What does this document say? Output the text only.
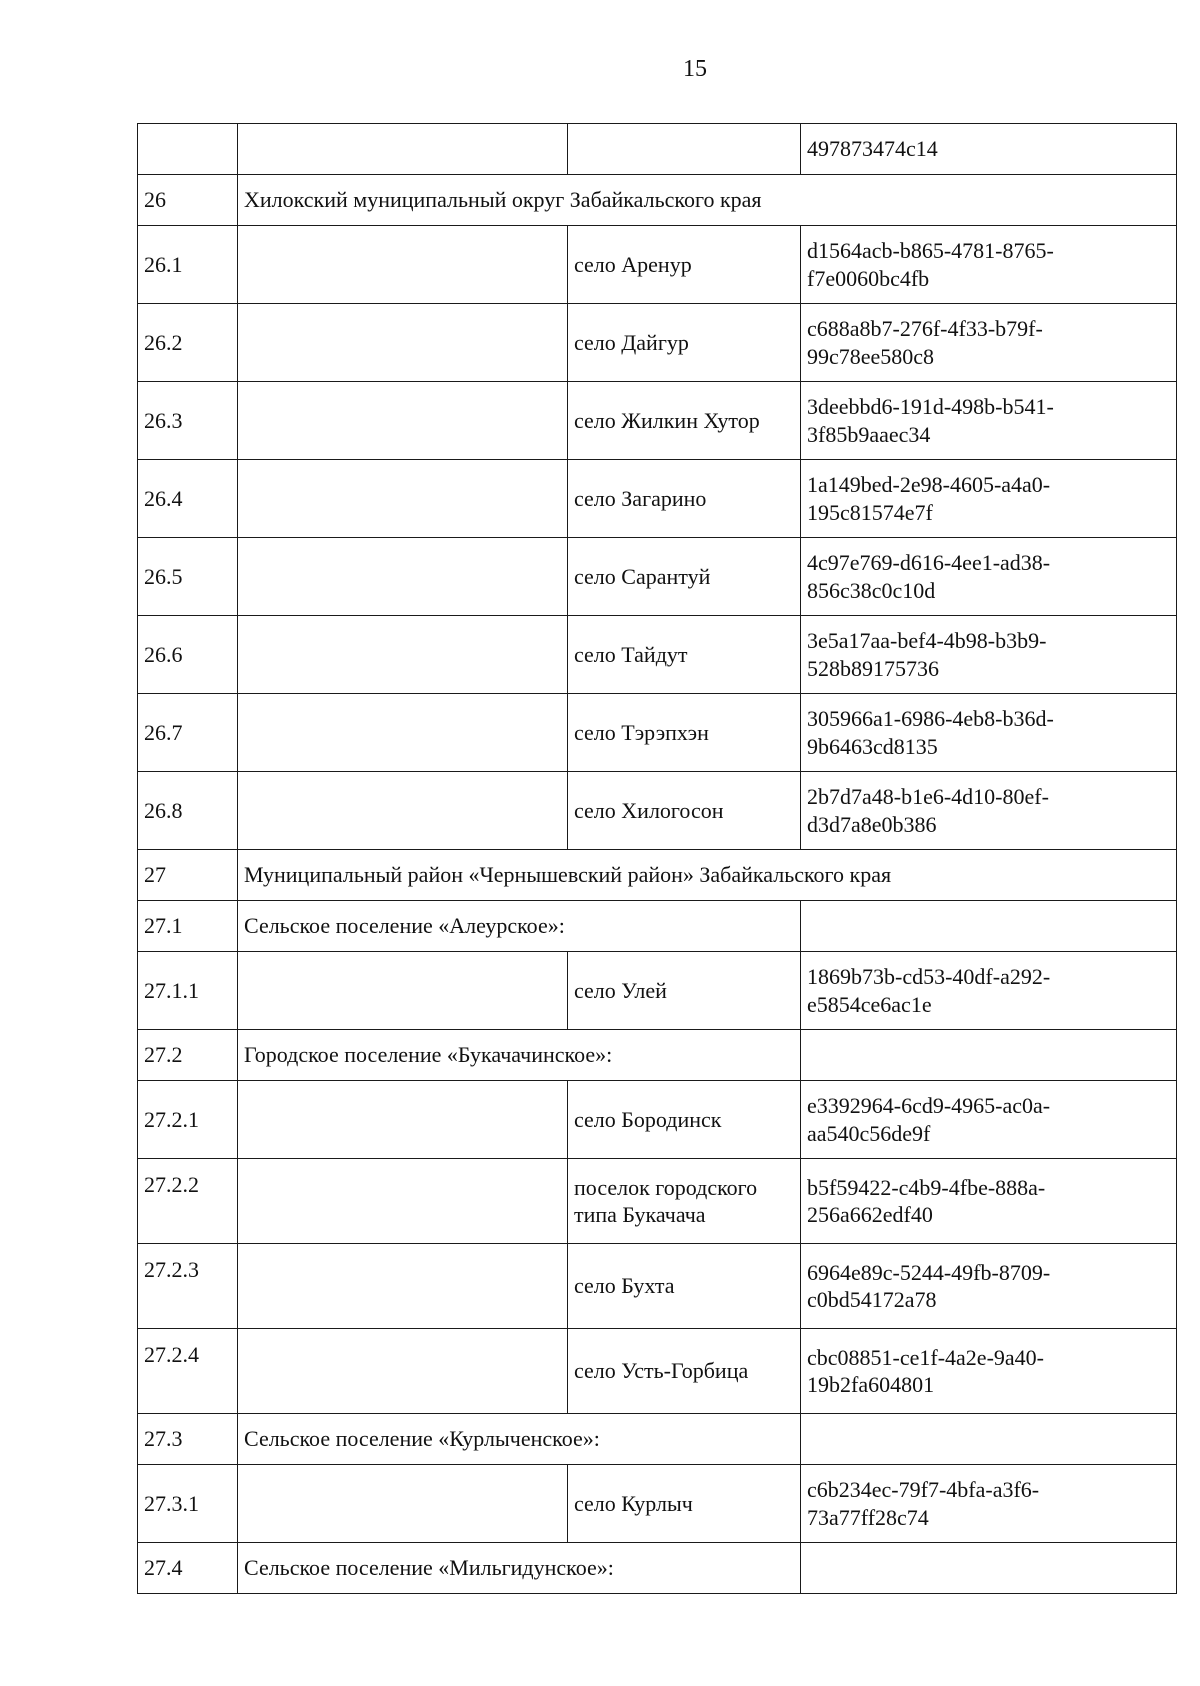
15
			497873474c14
26	Хилокский муниципальный округ Забайкальского края		
26.1		село Аренур	d1564acb-b865-4781-8765-
f7e0060bc4fb
26.2		село Дайгур	c688a8b7-276f-4f33-b79f-
99c78ee580c8
26.3		село Жилкин Хутор	3deebbd6-191d-498b-b541-
3f85b9aaec34
26.4		село Загарино	1a149bed-2e98-4605-a4a0-
195c81574e7f
26.5		село Сарантуй	4c97e769-d616-4ee1-ad38-
856c38c0c10d
26.6		село Тайдут	3e5a17aa-bef4-4b98-b3b9-
528b89175736
26.7		село Тэрэпхэн	305966a1-6986-4eb8-b36d-
9b6463cd8135
26.8		село Хилогосон	2b7d7a48-b1e6-4d10-80ef-
d3d7a8e0b386
27	Муниципальный район «Чернышевский район» Забайкальского края		
27.1	Сельское поселение «Алеурское»:		
27.1.1		село Улей	1869b73b-cd53-40df-a292-
e5854ce6ac1e
27.2	Городское поселение «Букачачинское»:		
27.2.1		село Бородинск	e3392964-6cd9-4965-ac0a-
aa540c56de9f
27.2.2		поселок городского типа Букачача	b5f59422-c4b9-4fbe-888a-
256a662edf40
27.2.3		село Бухта	6964e89c-5244-49fb-8709-
c0bd54172a78
27.2.4		село Усть-Горбица	cbc08851-ce1f-4a2e-9a40-
19b2fa604801
27.3	Сельское поселение «Курлыченское»:		
27.3.1		село Курлыч	c6b234ec-79f7-4bfa-a3f6-
73a77ff28c74
27.4	Сельское поселение «Мильгидунское»:		
